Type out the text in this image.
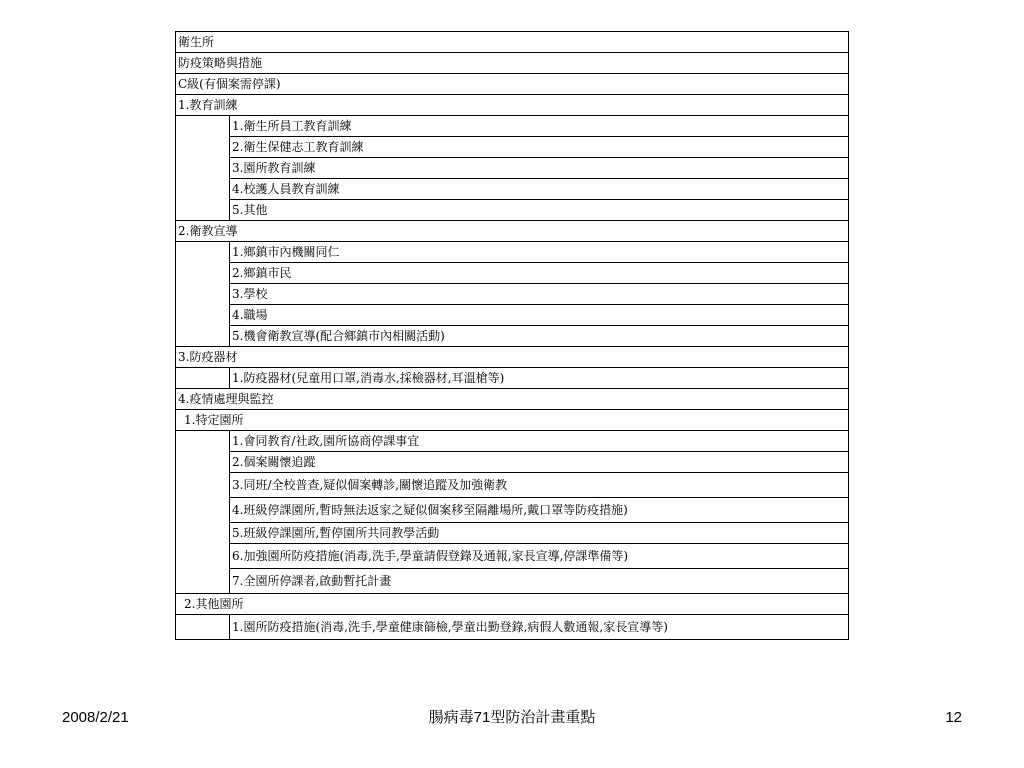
衛生所	
防疫策略與措施	
C級(有個案需停課)	
1.教育訓練	
	1.衛生所員工教育訓練
	2.衛生保健志工教育訓練
	3.園所教育訓練
	4.校護人員教育訓練
	5.其他
2.衛教宣導	
	1.鄉鎮市內機關同仁
	2.鄉鎮市民
	3.學校
	4.職場
	5.機會衛教宣導(配合鄉鎮市內相關活動)
3.防疫器材	
	1.防疫器材(兒童用口罩,消毒水,採檢器材,耳溫槍等)
4.疫情處理與監控	
1.特定園所	
	1.會同教育/社政,園所協商停課事宜
	2.個案關懷追蹤
	3.同班/全校普查,疑似個案轉診,關懷追蹤及加強衛教
	4.班級停課園所,暫時無法返家之疑似個案移至隔離場所,戴口罩等防疫措施)
	5.班級停課園所,暫停園所共同教學活動
	6.加強園所防疫措施(消毒,洗手,學童請假登錄及通報,家長宣導,停課準備等)
	7.全園所停課者,啟動暫托計畫
2.其他園所	
	1.園所防疫措施(消毒,洗手,學童健康篩檢,學童出勤登錄,病假人數通報,家長宣導等)
2008/2/21	腸病毒71型防治計畫重點	12
